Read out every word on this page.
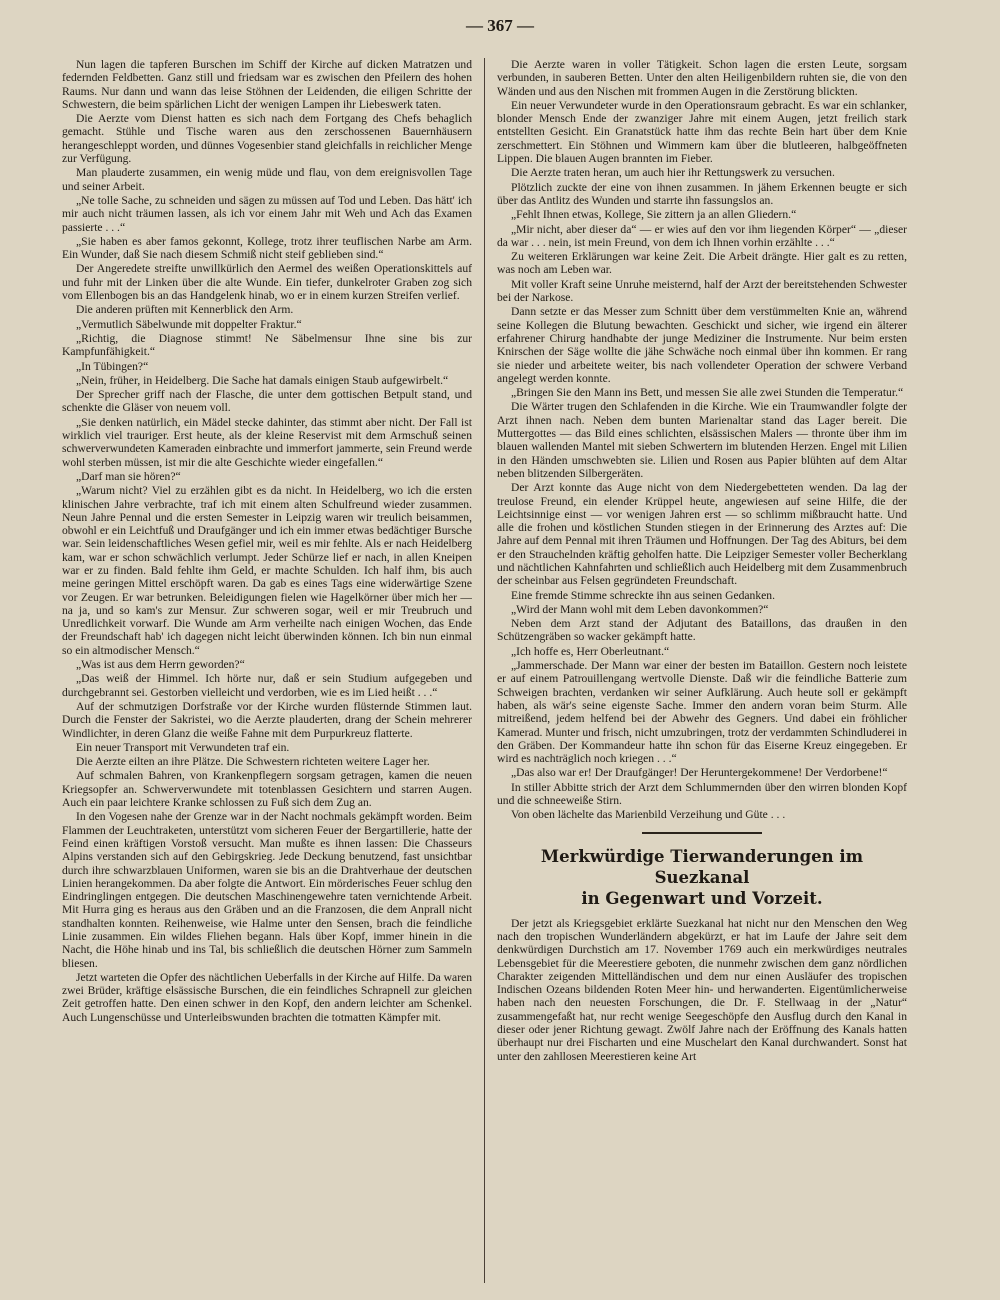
— 367 —

Nun lagen die tapferen Burschen im Schiff der Kirche auf dicken Matratzen und federnden Feldbetten. Ganz still und friedsam war es zwischen den Pfeilern des hohen Raums. Nur dann und wann das leise Stöhnen der Leidenden, die eiligen Schritte der Schwestern, die beim spärlichen Licht der wenigen Lampen ihr Liebeswerk taten.

Die Aerzte vom Dienst hatten es sich nach dem Fortgang des Chefs behaglich gemacht. Stühle und Tische waren aus den zerschossenen Bauernhäusern herangeschleppt worden, und dünnes Vogesenbier stand gleichfalls in reichlicher Menge zur Verfügung.

Man plauderte zusammen, ein wenig müde und flau, von dem ereignisvollen Tage und seiner Arbeit.

„Ne tolle Sache, zu schneiden und sägen zu müssen auf Tod und Leben. Das hätt' ich mir auch nicht träumen lassen, als ich vor einem Jahr mit Weh und Ach das Examen passierte . . .“

„Sie haben es aber famos gekonnt, Kollege, trotz ihrer teuflischen Narbe am Arm. Ein Wunder, daß Sie nach diesem Schmiß nicht steif geblieben sind.“

Der Angeredete streifte unwillkürlich den Aermel des weißen Operationskittels auf und fuhr mit der Linken über die alte Wunde. Ein tiefer, dunkelroter Graben zog sich vom Ellenbogen bis an das Handgelenk hinab, wo er in einem kurzen Streifen verlief.

Die anderen prüften mit Kennerblick den Arm.

„Vermutlich Säbelwunde mit doppelter Fraktur.“

„Richtig, die Diagnose stimmt! Ne Säbelmensur Ihne sine bis zur Kampfunfähigkeit.“

„In Tübingen?“

„Nein, früher, in Heidelberg. Die Sache hat damals einigen Staub aufgewirbelt.“

Der Sprecher griff nach der Flasche, die unter dem gottischen Betpult stand, und schenkte die Gläser von neuem voll.

„Sie denken natürlich, ein Mädel stecke dahinter, das stimmt aber nicht. Der Fall ist wirklich viel trauriger. Erst heute, als der kleine Reservist mit dem Armschuß seinen schwerverwundeten Kameraden einbrachte und immerfort jammerte, sein Freund werde wohl sterben müssen, ist mir die alte Geschichte wieder eingefallen.“

„Darf man sie hören?“

„Warum nicht? Viel zu erzählen gibt es da nicht. In Heidelberg, wo ich die ersten klinischen Jahre verbrachte, traf ich mit einem alten Schulfreund wieder zusammen. Neun Jahre Pennal und die ersten Semester in Leipzig waren wir treulich beisammen, obwohl er ein Leichtfuß und Draufgänger und ich ein immer etwas bedächtiger Bursche war. Sein leidenschaftliches Wesen gefiel mir, weil es mir fehlte. Als er nach Heidelberg kam, war er schon schwächlich verlumpt. Jeder Schürze lief er nach, in allen Kneipen war er zu finden. Bald fehlte ihm Geld, er machte Schulden. Ich half ihm, bis auch meine geringen Mittel erschöpft waren. Da gab es eines Tags eine widerwärtige Szene vor Zeugen. Er war betrunken. Beleidigungen fielen wie Hagelkörner über mich her — na ja, und so kam's zur Mensur. Zur schweren sogar, weil er mir Treubruch und Unredlichkeit vorwarf. Die Wunde am Arm verheilte nach einigen Wochen, das Ende der Freundschaft hab' ich dagegen nicht leicht überwinden können. Ich bin nun einmal so ein altmodischer Mensch.“

„Was ist aus dem Herrn geworden?“

„Das weiß der Himmel. Ich hörte nur, daß er sein Studium aufgegeben und durchgebrannt sei. Gestorben vielleicht und verdorben, wie es im Lied heißt . . .“

Auf der schmutzigen Dorfstraße vor der Kirche wurden flüsternde Stimmen laut. Durch die Fenster der Sakristei, wo die Aerzte plauderten, drang der Schein mehrerer Windlichter, in deren Glanz die weiße Fahne mit dem Purpurkreuz flatterte.

Ein neuer Transport mit Verwundeten traf ein.

Die Aerzte eilten an ihre Plätze. Die Schwestern richteten weitere Lager her.

Auf schmalen Bahren, von Krankenpflegern sorgsam getragen, kamen die neuen Kriegsopfer an. Schwerverwundete mit totenblassen Gesichtern und starren Augen. Auch ein paar leichtere Kranke schlossen zu Fuß sich dem Zug an.

In den Vogesen nahe der Grenze war in der Nacht nochmals gekämpft worden. Beim Flammen der Leuchtraketen, unterstützt vom sicheren Feuer der Bergartillerie, hatte der Feind einen kräftigen Vorstoß versucht. Man mußte es ihnen lassen: Die Chasseurs Alpins verstanden sich auf den Gebirgskrieg. Jede Deckung benutzend, fast unsichtbar durch ihre schwarzblauen Uniformen, waren sie bis an die Drahtverhaue der deutschen Linien herangekommen. Da aber folgte die Antwort. Ein mörderisches Feuer schlug den Eindringlingen entgegen. Die deutschen Maschinengewehre taten vernichtende Arbeit. Mit Hurra ging es heraus aus den Gräben und an die Franzosen, die dem Anprall nicht standhalten konnten. Reihenweise, wie Halme unter den Sensen, brach die feindliche Linie zusammen. Ein wildes Fliehen begann. Hals über Kopf, immer hinein in die Nacht, die Höhe hinab und ins Tal, bis schließlich die deutschen Hörner zum Sammeln bliesen.

Jetzt warteten die Opfer des nächtlichen Ueberfalls in der Kirche auf Hilfe. Da waren zwei Brüder, kräftige elsässische Burschen, die ein feindliches Schrapnell zur gleichen Zeit getroffen hatte. Den einen schwer in den Kopf, den andern leichter am Schenkel. Auch Lungenschüsse und Unterleibswunden brachten die totmatten Kämpfer mit.

Die Aerzte waren in voller Tätigkeit. Schon lagen die ersten Leute, sorgsam verbunden, in sauberen Betten. Unter den alten Heiligenbildern ruhten sie, die von den Wänden und aus den Nischen mit frommen Augen in die Zerstörung blickten.

Ein neuer Verwundeter wurde in den Operationsraum gebracht. Es war ein schlanker, blonder Mensch Ende der zwanziger Jahre mit einem Augen, jetzt freilich stark entstellten Gesicht. Ein Granatstück hatte ihm das rechte Bein hart über dem Knie zerschmettert. Ein Stöhnen und Wimmern kam über die blutleeren, halbgeöffneten Lippen. Die blauen Augen brannten im Fieber.

Die Aerzte traten heran, um auch hier ihr Rettungswerk zu versuchen.

Plötzlich zuckte der eine von ihnen zusammen. In jähem Erkennen beugte er sich über das Antlitz des Wunden und starrte ihn fassungslos an.

„Fehlt Ihnen etwas, Kollege, Sie zittern ja an allen Gliedern.“

„Mir nicht, aber dieser da“ — er wies auf den vor ihm liegenden Körper“ — „dieser da war . . . nein, ist mein Freund, von dem ich Ihnen vorhin erzählte . . .“

Zu weiteren Erklärungen war keine Zeit. Die Arbeit drängte. Hier galt es zu retten, was noch am Leben war.

Mit voller Kraft seine Unruhe meisternd, half der Arzt der bereitstehenden Schwester bei der Narkose.

Dann setzte er das Messer zum Schnitt über dem verstümmelten Knie an, während seine Kollegen die Blutung bewachten. Geschickt und sicher, wie irgend ein älterer erfahrener Chirurg handhabte der junge Mediziner die Instrumente. Nur beim ersten Knirschen der Säge wollte die jähe Schwäche noch einmal über ihn kommen. Er rang sie nieder und arbeitete weiter, bis nach vollendeter Operation der schwere Verband angelegt werden konnte.

„Bringen Sie den Mann ins Bett, und messen Sie alle zwei Stunden die Temperatur.“

Die Wärter trugen den Schlafenden in die Kirche. Wie ein Traumwandler folgte der Arzt ihnen nach. Neben dem bunten Marienaltar stand das Lager bereit. Die Muttergottes — das Bild eines schlichten, elsässischen Malers — thronte über ihm im blauen wallenden Mantel mit sieben Schwertern im blutenden Herzen. Engel mit Lilien in den Händen umschwebten sie. Lilien und Rosen aus Papier blühten auf dem Altar neben blitzenden Silbergeräten.

Der Arzt konnte das Auge nicht von dem Niedergebetteten wenden. Da lag der treulose Freund, ein elender Krüppel heute, angewiesen auf seine Hilfe, die der Leichtsinnige einst — vor wenigen Jahren erst — so schlimm mißbraucht hatte. Und alle die frohen und köstlichen Stunden stiegen in der Erinnerung des Arztes auf: Die Jahre auf dem Pennal mit ihren Träumen und Hoffnungen. Der Tag des Abiturs, bei dem er den Strauchelnden kräftig geholfen hatte. Die Leipziger Semester voller Becherklang und nächtlichen Kahnfahrten und schließlich auch Heidelberg mit dem Zusammenbruch der scheinbar aus Felsen gegründeten Freundschaft.

Eine fremde Stimme schreckte ihn aus seinen Gedanken.

„Wird der Mann wohl mit dem Leben davonkommen?“

Neben dem Arzt stand der Adjutant des Bataillons, das draußen in den Schützengräben so wacker gekämpft hatte.

„Ich hoffe es, Herr Oberleutnant.“

„Jammerschade. Der Mann war einer der besten im Bataillon. Gestern noch leistete er auf einem Patrouillengang wertvolle Dienste. Daß wir die feindliche Batterie zum Schweigen brachten, verdanken wir seiner Aufklärung. Auch heute soll er gekämpft haben, als wär's seine eigenste Sache. Immer den andern voran beim Sturm. Alle mitreißend, jedem helfend bei der Abwehr des Gegners. Und dabei ein fröhlicher Kamerad. Munter und frisch, nicht umzubringen, trotz der verdammten Schindluderei in den Gräben. Der Kommandeur hatte ihn schon für das Eiserne Kreuz eingegeben. Er wird es nachträglich noch kriegen . . .“

„Das also war er! Der Draufgänger! Der Heruntergekommene! Der Verdorbene!“

In stiller Abbitte strich der Arzt dem Schlummernden über den wirren blonden Kopf und die schneeweiße Stirn.

Von oben lächelte das Marienbild Verzeihung und Güte . . .

Merkwürdige Tierwanderungen im Suezkanal
in Gegenwart und Vorzeit.

Der jetzt als Kriegsgebiet erklärte Suezkanal hat nicht nur den Menschen den Weg nach den tropischen Wunderländern abgekürzt, er hat im Laufe der Jahre seit dem denkwürdigen Durchstich am 17. November 1769 auch ein merkwürdiges neutrales Lebensgebiet für die Meerestiere geboten, die nunmehr zwischen dem ganz nördlichen Charakter zeigenden Mittelländischen und dem nur einen Ausläufer des tropischen Indischen Ozeans bildenden Roten Meer hin- und herwanderten. Eigentümlicherweise haben nach den neuesten Forschungen, die Dr. F. Stellwaag in der „Natur“ zusammengefaßt hat, nur recht wenige Seegeschöpfe den Ausflug durch den Kanal in dieser oder jener Richtung gewagt. Zwölf Jahre nach der Eröffnung des Kanals hatten überhaupt nur drei Fischarten und eine Muschelart den Kanal durchwandert. Sonst hat unter den zahllosen Meerestieren keine Art
